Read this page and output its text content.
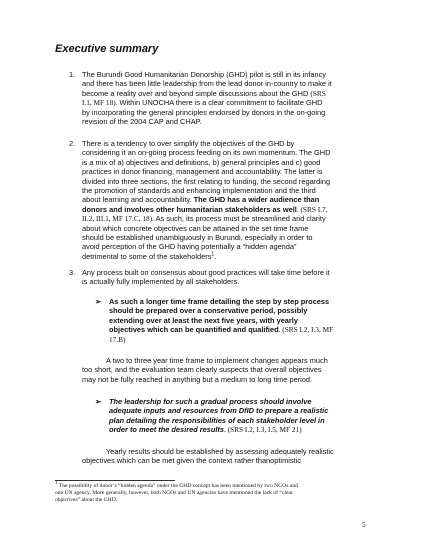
Executive summary
1. The Burundi Good Humanitarian Donorship (GHD) pilot is still in its infancy
and there has been little leadership from the lead donor in-country to make it
become a reality over and beyond simple discussions about the GHD (SRS
I.1, MF 18). Within UNOCHA there is a clear commitment to facilitate GHD
by incorporating the general principles endorsed by donors in the on-going
revision of the 2004 CAP and CHAP.
2. There is a tendency to over simplify the objectives of the GHD by
considering it an on-going process feeding on its own momentum. The GHD
is a mix of a) objectives and definitions, b) general principles and c) good
practices in donor financing, management and accountability. The latter is
divided into three sections, the first relating to funding, the second regarding
the promotion of standards and enhancing implementation and the third
about learning and accountability. The GHD has a wider audience than
donors and involves other humanitarian stakeholders as well. (SRS I.7,
II.2, III.1, MF 17.C, 18). As such, its process must be streamlined and clarity
about which concrete objectives can be attained in the set time frame
should be established unambiguously in Burundi, especially in order to
avoid perception of the GHD having potentially a “hidden agenda”
detrimental to some of the stakeholders$^1$.
3. Any process built on consensus about good practices will take time before it
is actually fully implemented by all stakeholders.
➢ As such a longer time frame detailing the step by step process
should be prepared over a conservative period, possibly
extending over at least the next five years, with yearly
objectives which can be quantified and qualified. (SRS I.2, I.3, MF
17.B)
A two to three year time frame to implement changes appears much
too short, and the evaluation team clearly suspects that overall objectives
may not be fully reached in anything but a medium to long time period.
➢ The leadership for such a gradual process should involve
adequate inputs and resources from DfID to prepare a realistic
plan detailing the responsibilities of each stakeholder level in
order to meet the desired results. (SRS I.2, I.3, I.5, MF 21)
Yearly results should be established by assessing adequately realistic
objectives which can be met given the context rather thanoptimistic
$^1$ The possibility of donor’s “hidden agenda” under the GHD concept has been mentioned by two NGOs and
one UN agency. More generally, however, both NGOs and UN agencies have mentioned the lack of “clear
objectives” about the GHD.
5
